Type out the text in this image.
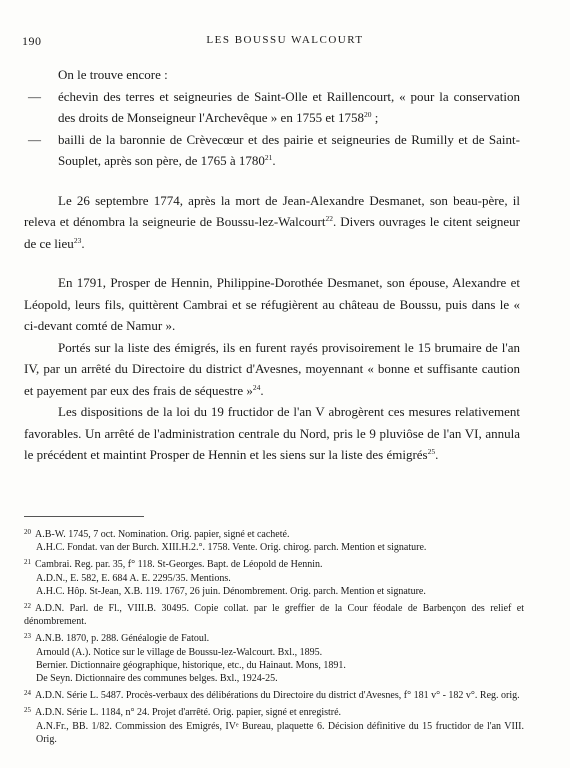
190	LES BOUSSU WALCOURT

On le trouve encore :

— échevin des terres et seigneuries de Saint-Olle et Raillencourt, « pour la conservation des droits de Monseigneur l'Archevêque » en 1755 et 1758$^{20}$ ;

— bailli de la baronnie de Crèvecœur et des pairie et seigneuries de Rumilly et de Saint-Souplet, après son père, de 1765 à 1780$^{21}$.

Le 26 septembre 1774, après la mort de Jean-Alexandre Desmanet, son beau-père, il releva et dénombra la seigneurie de Boussu-lez-Walcourt$^{22}$. Divers ouvrages le citent seigneur de ce lieu$^{23}$.

En 1791, Prosper de Hennin, Philippine-Dorothée Desmanet, son épouse, Alexandre et Léopold, leurs fils, quittèrent Cambrai et se réfugièrent au château de Boussu, puis dans le « ci-devant comté de Namur ».

Portés sur la liste des émigrés, ils en furent rayés provisoirement le 15 brumaire de l'an IV, par un arrêté du Directoire du district d'Avesnes, moyennant « bonne et suffisante caution et payement par eux des frais de séquestre »$^{24}$.

Les dispositions de la loi du 19 fructidor de l'an V abrogèrent ces mesures relativement favorables. Un arrêté de l'administration centrale du Nord, pris le 9 pluviôse de l'an VI, annula le précédent et maintint Prosper de Hennin et les siens sur la liste des émigrés$^{25}$.

$^{20}$ A.B-W. 1745, 7 oct. Nomination. Orig. papier, signé et cacheté.
A.H.C. Fondat. van der Burch. XIII.H.2.°. 1758. Vente. Orig. chirog. parch. Mention et signature.
$^{21}$ Cambrai. Reg. par. 35, f° 118. St-Georges. Bapt. de Léopold de Hennin.
A.D.N., E. 582, E. 684 A. E. 2295/35. Mentions.
A.H.C. Hôp. St-Jean, X.B. 119. 1767, 26 juin. Dénombrement. Orig. parch. Mention et signature.
$^{22}$ A.D.N. Parl. de Fl., VIII.B. 30495. Copie collat. par le greffier de la Cour féodale de Barbençon des relief et dénombrement.
$^{23}$ A.N.B. 1870, p. 288. Généalogie de Fatoul.
Arnould (A.). Notice sur le village de Boussu-lez-Walcourt. Bxl., 1895.
Bernier. Dictionnaire géographique, historique, etc., du Hainaut. Mons, 1891.
De Seyn. Dictionnaire des communes belges. Bxl., 1924-25.
$^{24}$ A.D.N. Série L. 5487. Procès-verbaux des délibérations du Directoire du district d'Avesnes, f° 181 v° - 182 v°. Reg. orig.
$^{25}$ A.D.N. Série L. 1184, n° 24. Projet d'arrêté. Orig. papier, signé et enregistré.
A.N.Fr., BB. 1/82. Commission des Emigrés, IVᵉ Bureau, plaquette 6. Décision définitive du 15 fructidor de l'an VIII. Orig.
